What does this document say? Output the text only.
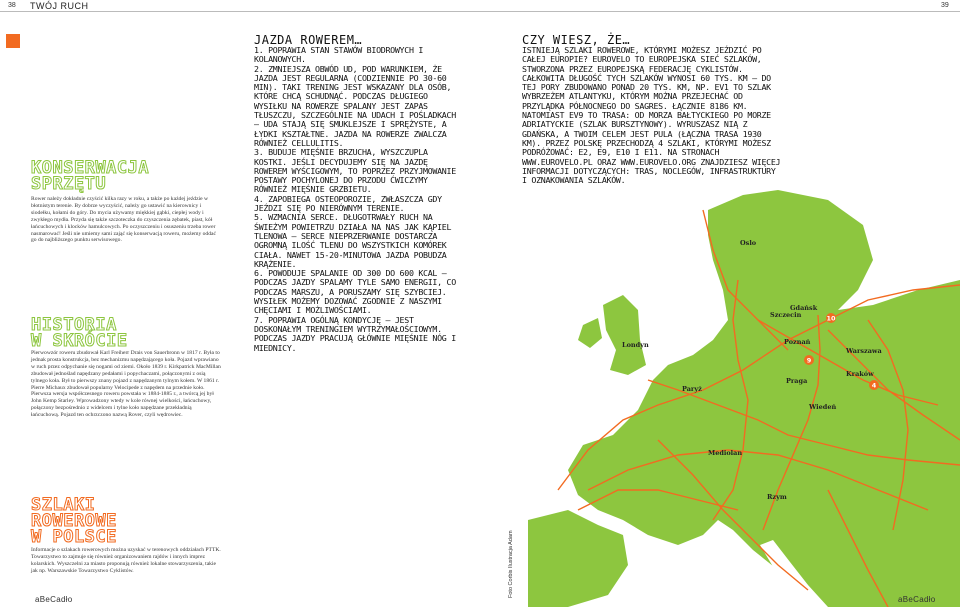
38 TWÓJ RUCH	39
KONSERWACJA
SPRZĘTU
Rower należy dokładnie czyścić kilka razy w roku, a także po każdej jeździe w błotnistym terenie. By dobrze wyczyścić, należy go ustawić na kierownicy i siodełku, kołami do góry. Do mycia używamy miękkiej gąbki, ciepłej wody i zwykłego mydła. Przyda się także szczoteczka do czyszczenia zębatek, piast, kół łańcuchowych i klocków hamulcowych. Po oczyszczeniu i osuszeniu trzeba rower nasmarować! Jeśli nie umiemy sami zająć się konserwacją roweru, możemy oddać go do najbliższego punktu serwisowego.
HISTORIA
W SKRÓCIE
Pierwowzór roweru zbudował Karl Freiherr Drais von Sauerbronn w 1817 r. Była to jednak prosta konstrukcja, bez mechanizmu napędzającego koła. Pojazd wprawiano w ruch przez odpychanie się nogami od ziemi. Około 1839 r. Kirkpatrick MacMillan zbudował jednoślad napędzany pedałami i popychaczami, połączonymi z osią tylnego koła. Był to pierwszy znany pojazd z napędzanym tylnym kołem. W 1861 r. Pierre Michaux zbudował popularny Velocipede z napędem na przednie koło. Pierwsza wersja współczesnego roweru powstała w 1884-1885 r., a twórcą jej był John Kemp Starley. Wprowadzony wtedy w kole równej wielkości, łańcuchowy, połączony bezpośrednio z widelcem i tylne koło napędzane przekładnią łańcuchową. Pojazd ten ochrzczono nazwą Rover, czyli wędrowiec.
SZLAKI
ROWEROWE
W POLSCE
Informacje o szlakach rowerowych można uzyskać w terenowych oddziałach PTTK. Towarzystwo to zajmuje się również organizowaniem rajdów i innych imprez kolarskich. Wyszczelni za miasto proponują również lokalne stowarzyszenia, takie jak np. Warszawskie Towarzystwo Cyklistów.
JAZDA ROWEREM…
1. POPRAWIA STAN STAWÓW BIODROWYCH I KOLANOWYCH.
2. ZMNIEJSZA OBWÓD UD, POD WARUNKIEM, ŻE JAZDA JEST REGULARNA (CODZIENNIE PO 30-60 MIN). TAKI TRENING JEST WSKAZANY DLA OSÓB, KTÓRE CHCĄ SCHUDNĄĆ. PODCZAS DŁUGIEGO WYSIŁKU NA ROWERZE SPALANY JEST ZAPAS TŁUSZCZU, SZCZEGÓLNIE NA UDACH I POŚLADKACH – UDA STAJĄ SIĘ SMUKLEJSZE I SPRĘŻYSTE, A ŁYDKI KSZTAŁTNE. JAZDA NA ROWERZE ZWALCZA RÓWNIEŻ CELLULITIS.
3. BUDUJE MIĘŚNIE BRZUCHA, WYSZCZUPLA KOSTKI. JEŚLI DECYDUJEMY SIĘ NA JAZDĘ ROWEREM WYŚCIGOWYM, TO POPRZEZ PRZYJMOWANIE POSTAWY POCHYLONEJ DO PRZODU ĆWICZYMY RÓWNIEŻ MIĘŚNIE GRZBIETU.
4. ZAPOBIEGA OSTEOPOROZIE, ZWŁASZCZA GDY JEŹDZI SIĘ PO NIERÓWNYM TERENIE.
5. WZMACNIA SERCE. DŁUGOTRWAŁY RUCH NA ŚWIEŻYM POWIETRZU DZIAŁA NA NAS JAK KĄPIEL TLENOWA – SERCE NIEPRZERWANIE DOSTARCZA OGROMNĄ ILOŚĆ TLENU DO WSZYSTKICH KOMÓREK CIAŁA. NAWET 15-20-MINUTOWA JAZDA POBUDZA KRĄŻENIE.
6. POWODUJE SPALANIE OD 300 DO 600 KCAL – PODCZAS JAZDY SPALAMY TYLE SAMO ENERGII, CO PODCZAS MARSZU, A PORUSZAMY SIĘ SZYBCIEJ. WYSIŁEK MOŻEMY DOZOWAĆ ZGODNIE Z NASZYMI CHĘCIAMI I MOŻLIWOŚCIAMI.
7. POPRAWIA OGÓLNĄ KONDYCJĘ – JEST DOSKONAŁYM TRENINGIEM WYTRZYMAŁOŚCIOWYM. PODCZAS JAZDY PRACUJĄ GŁÓWNIE MIĘŚNIE NÓG I MIEDNICY.
CZY WIESZ, ŻE…
ISTNIEJĄ SZLAKI ROWEROWE, KTÓRYMI MOŻESZ JEŹDZIĆ PO CAŁEJ EUROPIE? EUROVELO TO EUROPEJSKA SIEĆ SZLAKÓW, STWORZONA PRZEZ EUROPEJSKĄ FEDERACJĘ CYKLISTÓW. CAŁKOWITA DŁUGOŚĆ TYCH SZLAKÓW WYNOSI 60 TYS. KM – DO TEJ PORY ZBUDOWANO PONAD 20 TYS. KM, NP. EV1 TO SZLAK WYBRZEŻEM ATLANTYKU, KTÓRYM MOŻNA PRZEJECHAĆ OD PRZYLĄDKA PÓŁNOCNEGO DO SAGRES. ŁĄCZNIE 8186 KM. NATOMIAST EV9 TO TRASA: OD MORZA BAŁTYCKIEGO PO MORZE ADRIATYCKIE (SZLAK BURSZTYNOWY). WYRUSZASZ NIĄ Z GDAŃSKA, A TWOIM CELEM JEST PULA (ŁĄCZNA TRASA 1930 KM). PRZEZ POLSKĘ PRZECHODZĄ 4 SZLAKI, KTÓRYMI MOŻESZ PODRÓŻOWAĆ: E2, E9, E10 I E11. NA STRONACH WWW.EUROVELO.PL ORAZ WWW.EUROVELO.ORG ZNAJDZIESZ WIĘCEJ INFORMACJI DOTYCZĄCYCH: TRAS, NOCLEGÓW, INFRASTRUKTURY I OZNAKOWANIA SZLAKÓW.
10
9
4
Oslo
Gdańsk
Szczecin
Londyn	Poznań
Warszawa
Praga
Paryż
Kraków
Wiedeń
Mediolan
Rzym
Foto Corbis Ilustracja Adam
aBeCadło	aBeCadło
